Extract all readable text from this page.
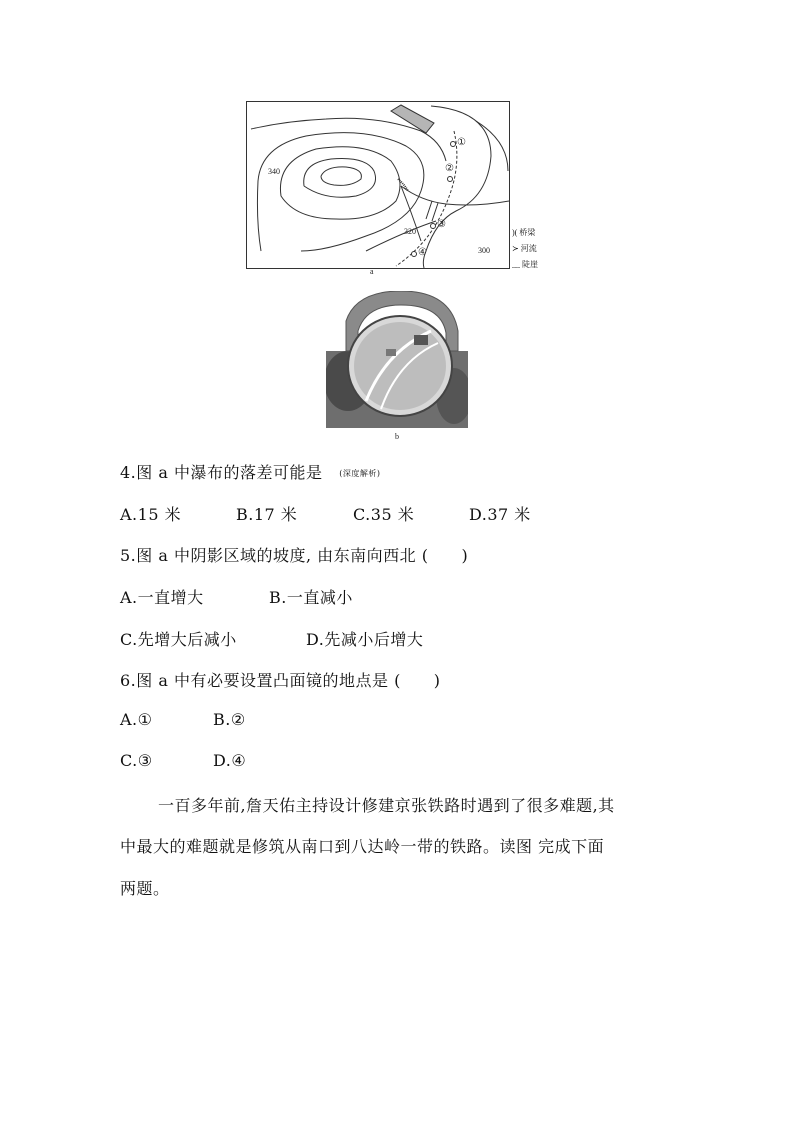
340
320
300
①
②
③
④
)( 桥梁
≻ 河流
﹏ 陡崖
a
b
4.图 a 中瀑布的落差可能是 (深度解析)
A.15 米	B.17 米	C.35 米	D.37 米
5.图 a 中阴影区域的坡度, 由东南向西北 (　　)
A.一直增大	B.一直减小
C.先增大后减小	D.先减小后增大
6.图 a 中有必要设置凸面镜的地点是 (　　)
A.①	B.②
C.③	D.④
一百多年前,詹天佑主持设计修建京张铁路时遇到了很多难题,其
中最大的难题就是修筑从南口到八达岭一带的铁路。读图 完成下面
两题。
